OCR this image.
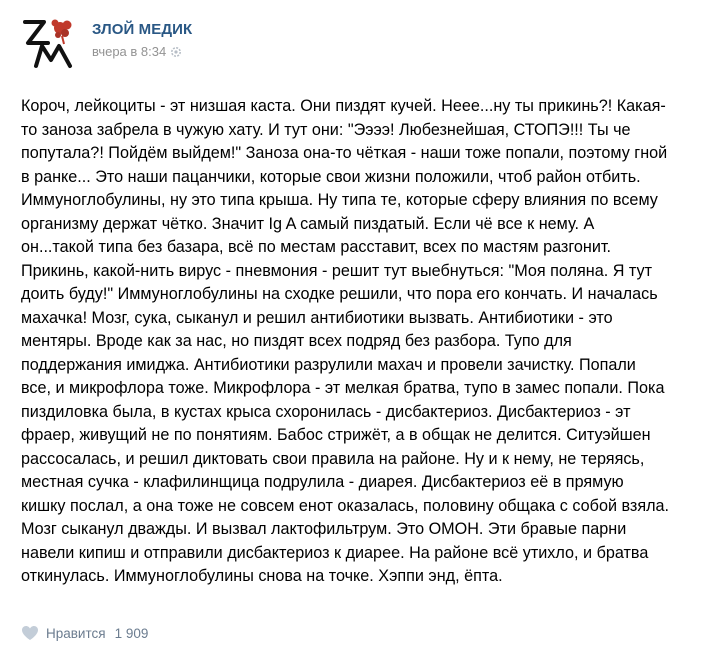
ЗЛОЙ МЕДИК
вчера в 8:34
Короч, лейкоциты - эт низшая каста. Они пиздят кучей. Нееe...ну ты прикинь?! Какая-
то заноза забрела в чужую хату. И тут они: "Ээээ! Любезнейшая, СТОПЭ!!! Ты че
попутала?! Пойдём выйдем!" Заноза она-то чёткая - наши тоже попали, поэтому гной
в ранке... Это наши пацанчики, которые свои жизни положили, чтоб район отбить.
Иммуноглобулины, ну это типа крыша. Ну типа те, которые сферу влияния по всему
организму держат чётко. Значит Ig A самый пиздатый. Если чё все к нему. А
он...такой типа без базара, всё по местам расставит, всех по мастям разгонит.
Прикинь, какой-нить вирус - пневмония - решит тут выебнуться: "Моя поляна. Я тут
доить буду!" Иммуноглобулины на сходке решили, что пора его кончать. И началась
махачка! Мозг, сука, сыканул и решил антибиотики вызвать. Антибиотики - это
ментяры. Вроде как за нас, но пиздят всех подряд без разбора. Тупо для
поддержания имиджа. Антибиотики разрулили махач и провели зачистку. Попали
все, и микрофлора тоже. Микрофлора - эт мелкая братва, тупо в замес попали. Пока
пиздиловка была, в кустах крыса схоронилась - дисбактериоз. Дисбактериоз - эт
фраер, живущий не по понятиям. Бабос стрижёт, а в общак не делится. Ситуэйшен
рассосалась, и решил диктовать свои правила на районе. Ну и к нему, не теряясь,
местная сучка - клафилинщица подрулила - диарея. Дисбактериоз её в прямую
кишку послал, а она тоже не совсем енот оказалась, половину общака с собой взяла.
Мозг сыканул дважды. И вызвал лактофильтрум. Это ОМОН. Эти бравые парни
навели кипиш и отправили дисбактериоз к диарее. На районе всё утихло, и братва
откинулась. Иммуноглобулины снова на точке. Хэппи энд, ёпта.
Нравится 1 909
